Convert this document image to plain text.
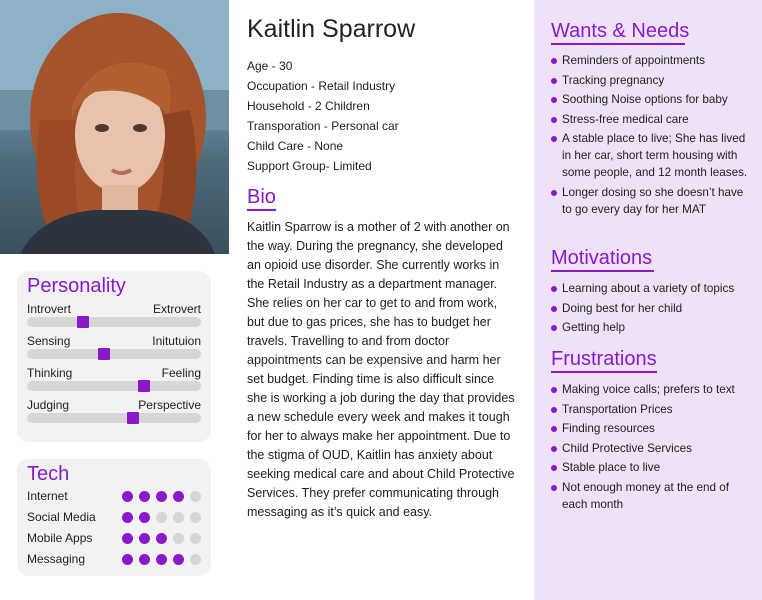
Personality
Introvert	Extrovert
Sensing	Initutuion
Thinking	Feeling
Judging	Perspective
Tech
Internet
Social Media
Mobile Apps
Messaging
Kaitlin Sparrow
Age - 30
Occupation - Retail Industry
Household - 2 Children
Transporation - Personal car
Child Care - None
Support Group- Limited
Bio
Kaitlin Sparrow is a mother of 2 with another on the way. During the pregnancy, she developed an opioid use disorder. She currently works in the Retail Industry as a department manager. She relies on her car to get to and from work, but due to gas prices, she has to budget her travels. Travelling to and from doctor appointments can be expensive and harm her set budget. Finding time is also difficult since she is working a job during the day that provides a new schedule every week and makes it tough for her to always make her appointment. Due to the stigma of OUD, Kaitlin has anxiety about seeking medical care and about Child Protective Services. They prefer communicating through messaging as it’s quick and easy.
Wants & Needs
Reminders of appointments
Tracking pregnancy
Soothing Noise options for baby
Stress-free medical care
A stable place to live; She has lived in her car, short term housing with some people, and 12 month leases.
Longer dosing so she doesn’t have to go every day for her MAT
Motivations
Learning about a variety of topics
Doing best for her child
Getting help
Frustrations
Making voice calls; prefers to text
Transportation Prices
Finding resources
Child Protective Services
Stable place to live
Not enough money at the end of each month
